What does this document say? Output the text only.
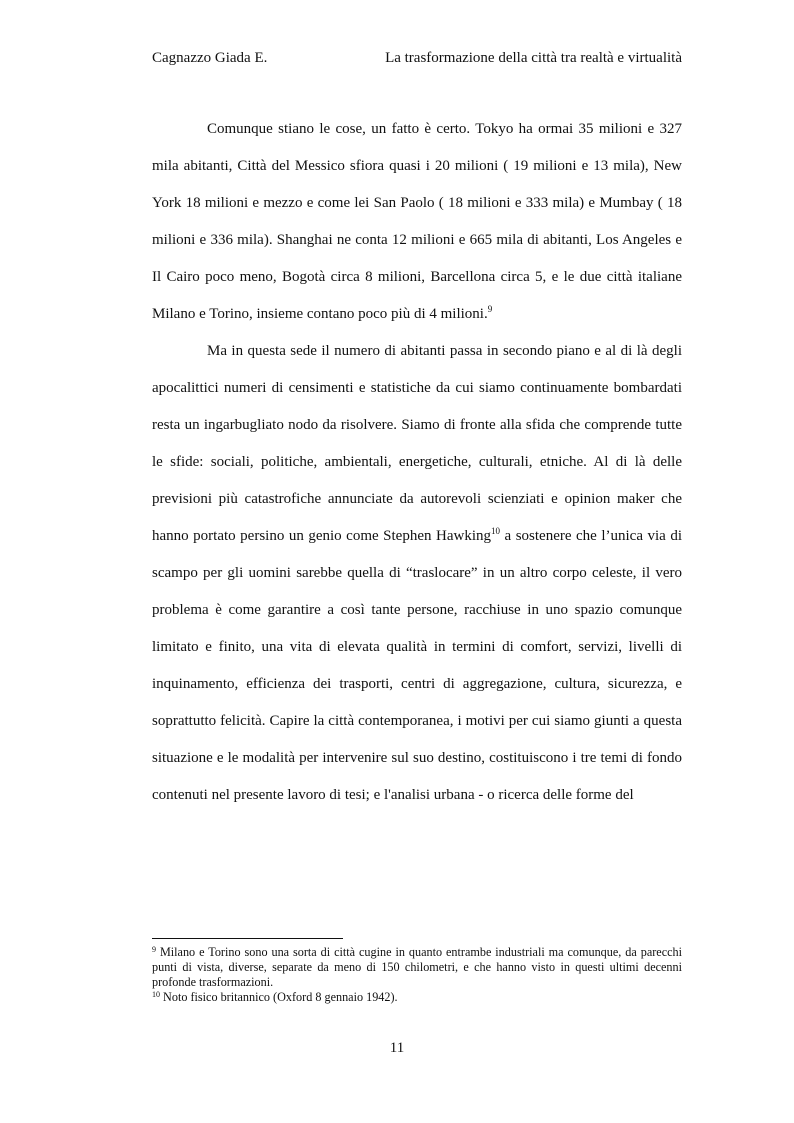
Cagnazzo Giada E.	La trasformazione della città tra realtà e virtualità

Comunque stiano le cose, un fatto è certo. Tokyo ha ormai 35 milioni e 327 mila abitanti, Città del Messico sfiora quasi i 20 milioni ( 19 milioni e 13 mila), New York 18 milioni e mezzo e come lei San Paolo ( 18 milioni e 333 mila) e Mumbay ( 18 milioni e 336 mila). Shanghai ne conta 12 milioni e 665 mila di abitanti, Los Angeles e Il Cairo poco meno, Bogotà circa 8 milioni, Barcellona circa 5, e le due città italiane Milano e Torino, insieme contano poco più di 4 milioni.$^9$

Ma in questa sede il numero di abitanti passa in secondo piano e al di là degli apocalittici numeri di censimenti e statistiche da cui siamo continuamente bombardati resta un ingarbugliato nodo da risolvere. Siamo di fronte alla sfida che comprende tutte le sfide: sociali, politiche, ambientali, energetiche, culturali, etniche. Al di là delle previsioni più catastrofiche annunciate da autorevoli scienziati e opinion maker che hanno portato persino un genio come Stephen Hawking$^{10}$ a sostenere che l’unica via di scampo per gli uomini sarebbe quella di “traslocare” in un altro corpo celeste, il vero problema è come garantire a così tante persone, racchiuse in uno spazio comunque limitato e finito, una vita di elevata qualità in termini di comfort, servizi, livelli di inquinamento, efficienza dei trasporti, centri di aggregazione, cultura, sicurezza, e soprattutto felicità. Capire la città contemporanea, i motivi per cui siamo giunti a questa situazione e le modalità per intervenire sul suo destino, costituiscono i tre temi di fondo contenuti nel presente lavoro di tesi; e l'analisi urbana - o ricerca delle forme del

$^9$ Milano e Torino sono una sorta di città cugine in quanto entrambe industriali ma comunque, da parecchi punti di vista, diverse, separate da meno di 150 chilometri, e che hanno visto in questi ultimi decenni profonde trasformazioni.

$^{10}$ Noto fisico britannico (Oxford 8 gennaio 1942).

11
